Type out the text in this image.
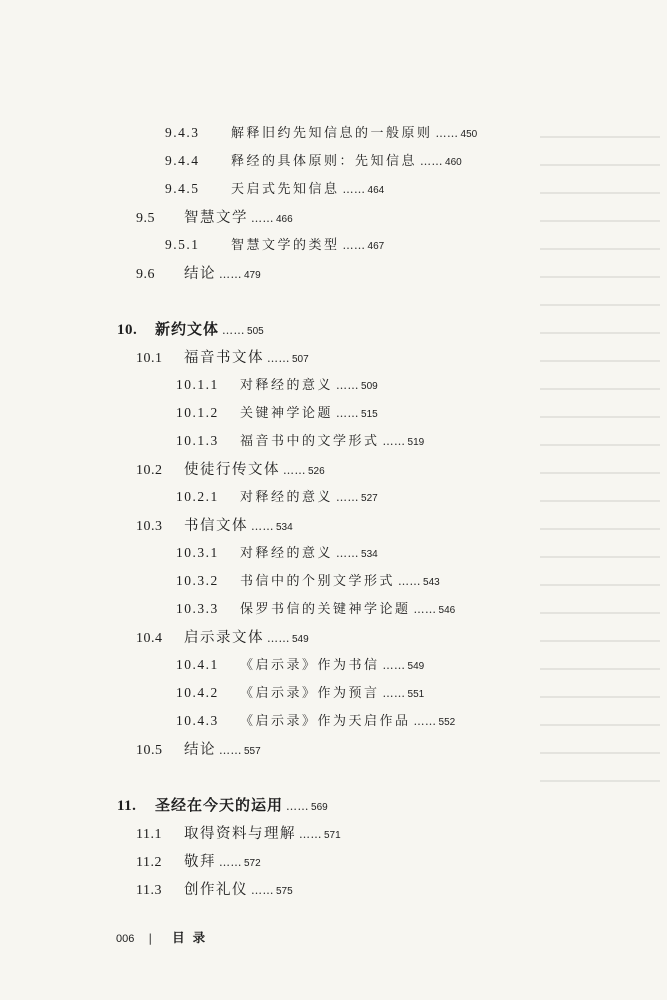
9.4.3	解释旧约先知信息的一般原则 …… 450
9.4.4	释经的具体原则：先知信息 …… 460
9.4.5	天启式先知信息 …… 464
9.5	智慧文学 …… 466
9.5.1	智慧文学的类型 …… 467
9.6	结论 …… 479
10.	新约文体 …… 505
10.1	福音书文体 …… 507
10.1.1	对释经的意义 …… 509
10.1.2	关键神学论题 …… 515
10.1.3	福音书中的文学形式 …… 519
10.2	使徒行传文体 …… 526
10.2.1	对释经的意义 …… 527
10.3	书信文体 …… 534
10.3.1	对释经的意义 …… 534
10.3.2	书信中的个别文学形式 …… 543
10.3.3	保罗书信的关键神学论题 …… 546
10.4	启示录文体 …… 549
10.4.1	《启示录》作为书信 …… 549
10.4.2	《启示录》作为预言 …… 551
10.4.3	《启示录》作为天启作品 …… 552
10.5	结论 …… 557
11.	圣经在今天的运用 …… 569
11.1	取得资料与理解 …… 571
11.2	敬拜 …… 572
11.3	创作礼仪 …… 575
006 | 目录
